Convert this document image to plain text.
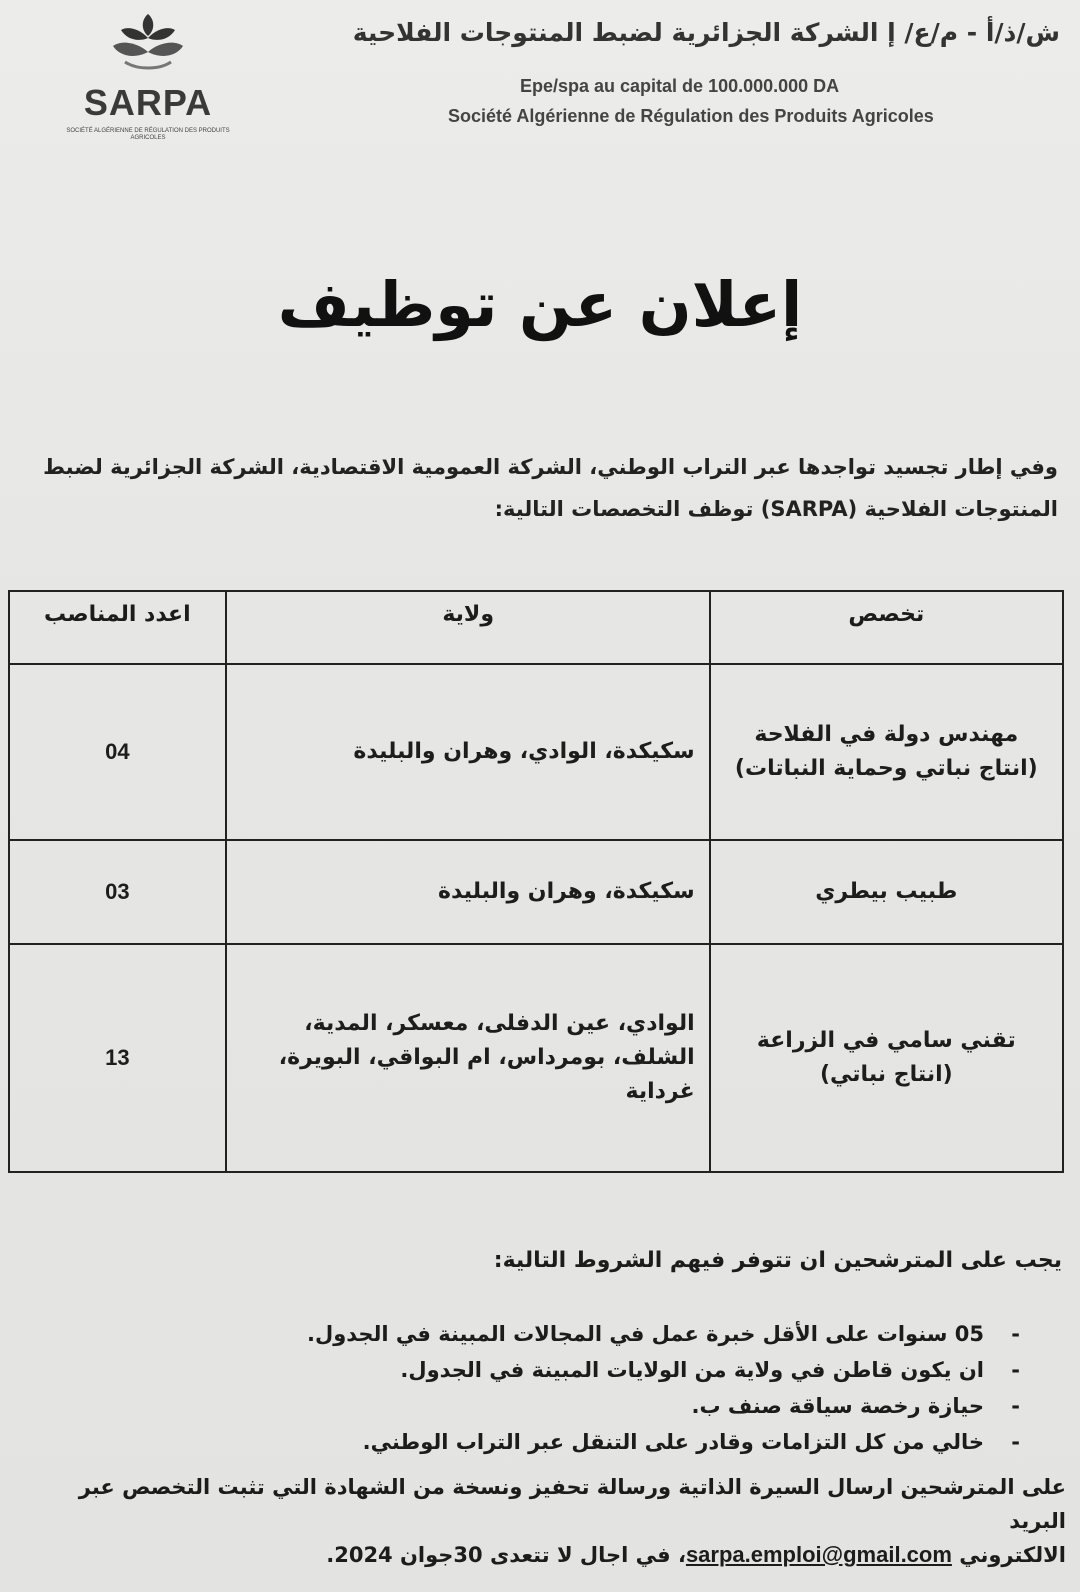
SARPA
SOCIÉTÉ ALGÉRIENNE DE RÉGULATION DES PRODUITS AGRICOLES
ش/ذ/أ - م/ع/ إ الشركة الجزائرية لضبط المنتوجات الفلاحية
Epe/spa au capital de 100.000.000 DA
Société Algérienne de Régulation des Produits Agricoles
إعلان عن توظيف
وفي إطار تجسيد تواجدها عبر التراب الوطني، الشركة العمومية الاقتصادية، الشركة الجزائرية لضبط المنتوجات الفلاحية (SARPA) توظف التخصصات التالية:
تخصص	ولاية	اعدد المناصب

مهندس دولة في الفلاحة
(انتاج نباتي وحماية النباتات)	سكيكدة، الوادي، وهران والبليدة	04

طبيب بيطري	سكيكدة، وهران والبليدة	03

تقني سامي في الزراعة
(انتاج نباتي)	الوادي، عين الدفلى، معسكر، المدية،
الشلف، بومرداس، ام البواقي، البويرة،
غرداية	13
يجب على المترشحين ان تتوفر فيهم الشروط التالية:
- 05 سنوات على الأقل خبرة عمل في المجالات المبينة في الجدول.
- ان يكون قاطن في ولاية من الولايات المبينة في الجدول.
- حيازة رخصة سياقة صنف ب.
- خالي من كل التزامات وقادر على التنقل عبر التراب الوطني.
على المترشحين ارسال السيرة الذاتية ورسالة تحفيز ونسخة من الشهادة التي تثبت التخصص عبر البريد
الالكتروني sarpa.emploi@gmail.com، في اجال لا تتعدى 30جوان 2024.
